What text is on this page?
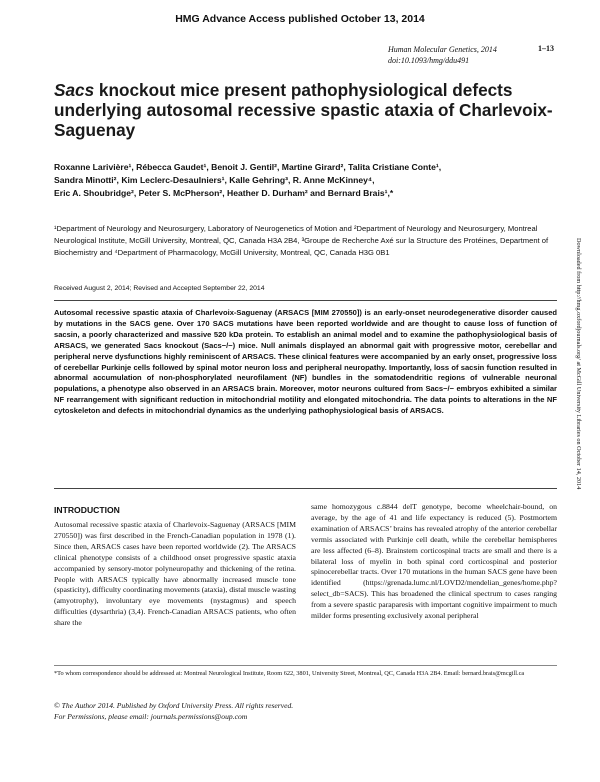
HMG Advance Access published October 13, 2014
Human Molecular Genetics, 2014
doi:10.1093/hmg/ddu491
1–13
Sacs knockout mice present pathophysiological defects underlying autosomal recessive spastic ataxia of Charlevoix-Saguenay
Roxanne Larivière¹, Rébecca Gaudet¹, Benoit J. Gentil², Martine Girard², Talita Cristiane Conte¹,
Sandra Minotti², Kim Leclerc-Desaulniers¹, Kalle Gehring³, R. Anne McKinney⁴,
Eric A. Shoubridge², Peter S. McPherson², Heather D. Durham² and Bernard Brais¹,*
¹Department of Neurology and Neurosurgery, Laboratory of Neurogenetics of Motion and ²Department of Neurology and Neurosurgery, Montreal Neurological Institute, McGill University, Montreal, QC, Canada H3A 2B4, ³Groupe de Recherche Axé sur la Structure des Protéines, Department of Biochemistry and ⁴Department of Pharmacology, McGill University, Montreal, QC, Canada H3G 0B1
Received August 2, 2014; Revised and Accepted September 22, 2014
Autosomal recessive spastic ataxia of Charlevoix-Saguenay (ARSACS [MIM 270550]) is an early-onset neurodegenerative disorder caused by mutations in the SACS gene. Over 170 SACS mutations have been reported worldwide and are thought to cause loss of function of sacsin, a poorly characterized and massive 520 kDa protein. To establish an animal model and to examine the pathophysiological basis of ARSACS, we generated Sacs knockout (Sacs−/−) mice. Null animals displayed an abnormal gait with progressive motor, cerebellar and peripheral nerve dysfunctions highly reminiscent of ARSACS. These clinical features were accompanied by an early onset, progressive loss of cerebellar Purkinje cells followed by spinal motor neuron loss and peripheral neuropathy. Importantly, loss of sacsin function resulted in abnormal accumulation of non-phosphorylated neurofilament (NF) bundles in the somatodendritic regions of vulnerable neuronal populations, a phenotype also observed in an ARSACS brain. Moreover, motor neurons cultured from Sacs−/− embryos exhibited a similar NF rearrangement with significant reduction in mitochondrial motility and elongated mitochondria. The data points to alterations in the NF cytoskeleton and defects in mitochondrial dynamics as the underlying pathophysiological basis of ARSACS.
INTRODUCTION
Autosomal recessive spastic ataxia of Charlevoix-Saguenay (ARSACS [MIM 270550]) was first described in the French-Canadian population in 1978 (1). Since then, ARSACS cases have been reported worldwide (2). The ARSACS clinical phenotype consists of a childhood onset progressive spastic ataxia accompanied by sensory-motor polyneuropathy and thickening of the retina. People with ARSACS typically have abnormally increased muscle tone (spasticity), difficulty coordinating movements (ataxia), distal muscle wasting (amyotrophy), involuntary eye movements (nystagmus) and speech difficulties (dysarthria) (3,4). French-Canadian ARSACS patients, who often share the
same homozygous c.8844 delT genotype, become wheelchair-bound, on average, by the age of 41 and life expectancy is reduced (5). Postmortem examination of ARSACS’ brains has revealed atrophy of the anterior cerebellar vermis associated with Purkinje cell death, while the cerebellar hemispheres are less affected (6–8). Brainstem corticospinal tracts are small and there is a bilateral loss of myelin in both spinal cord corticospinal and posterior spinocerebellar tracts. Over 170 mutations in the human SACS gene have been identified (https://grenada.lumc.nl/LOVD2/mendelian_genes/home.php?select_db=SACS). This has broadened the clinical spectrum to cases ranging from a severe spastic paraparesis with important cognitive impairment to much milder forms presenting exclusively axonal peripheral
*To whom correspondence should be addressed at: Montreal Neurological Institute, Room 622, 3801, University Street, Montreal, QC, Canada H3A 2B4. Email: bernard.brais@mcgill.ca
© The Author 2014. Published by Oxford University Press. All rights reserved.
For Permissions, please email: journals.permissions@oup.com
Downloaded from http://hmg.oxfordjournals.org/ at McGill University Libraries on October 14, 2014
